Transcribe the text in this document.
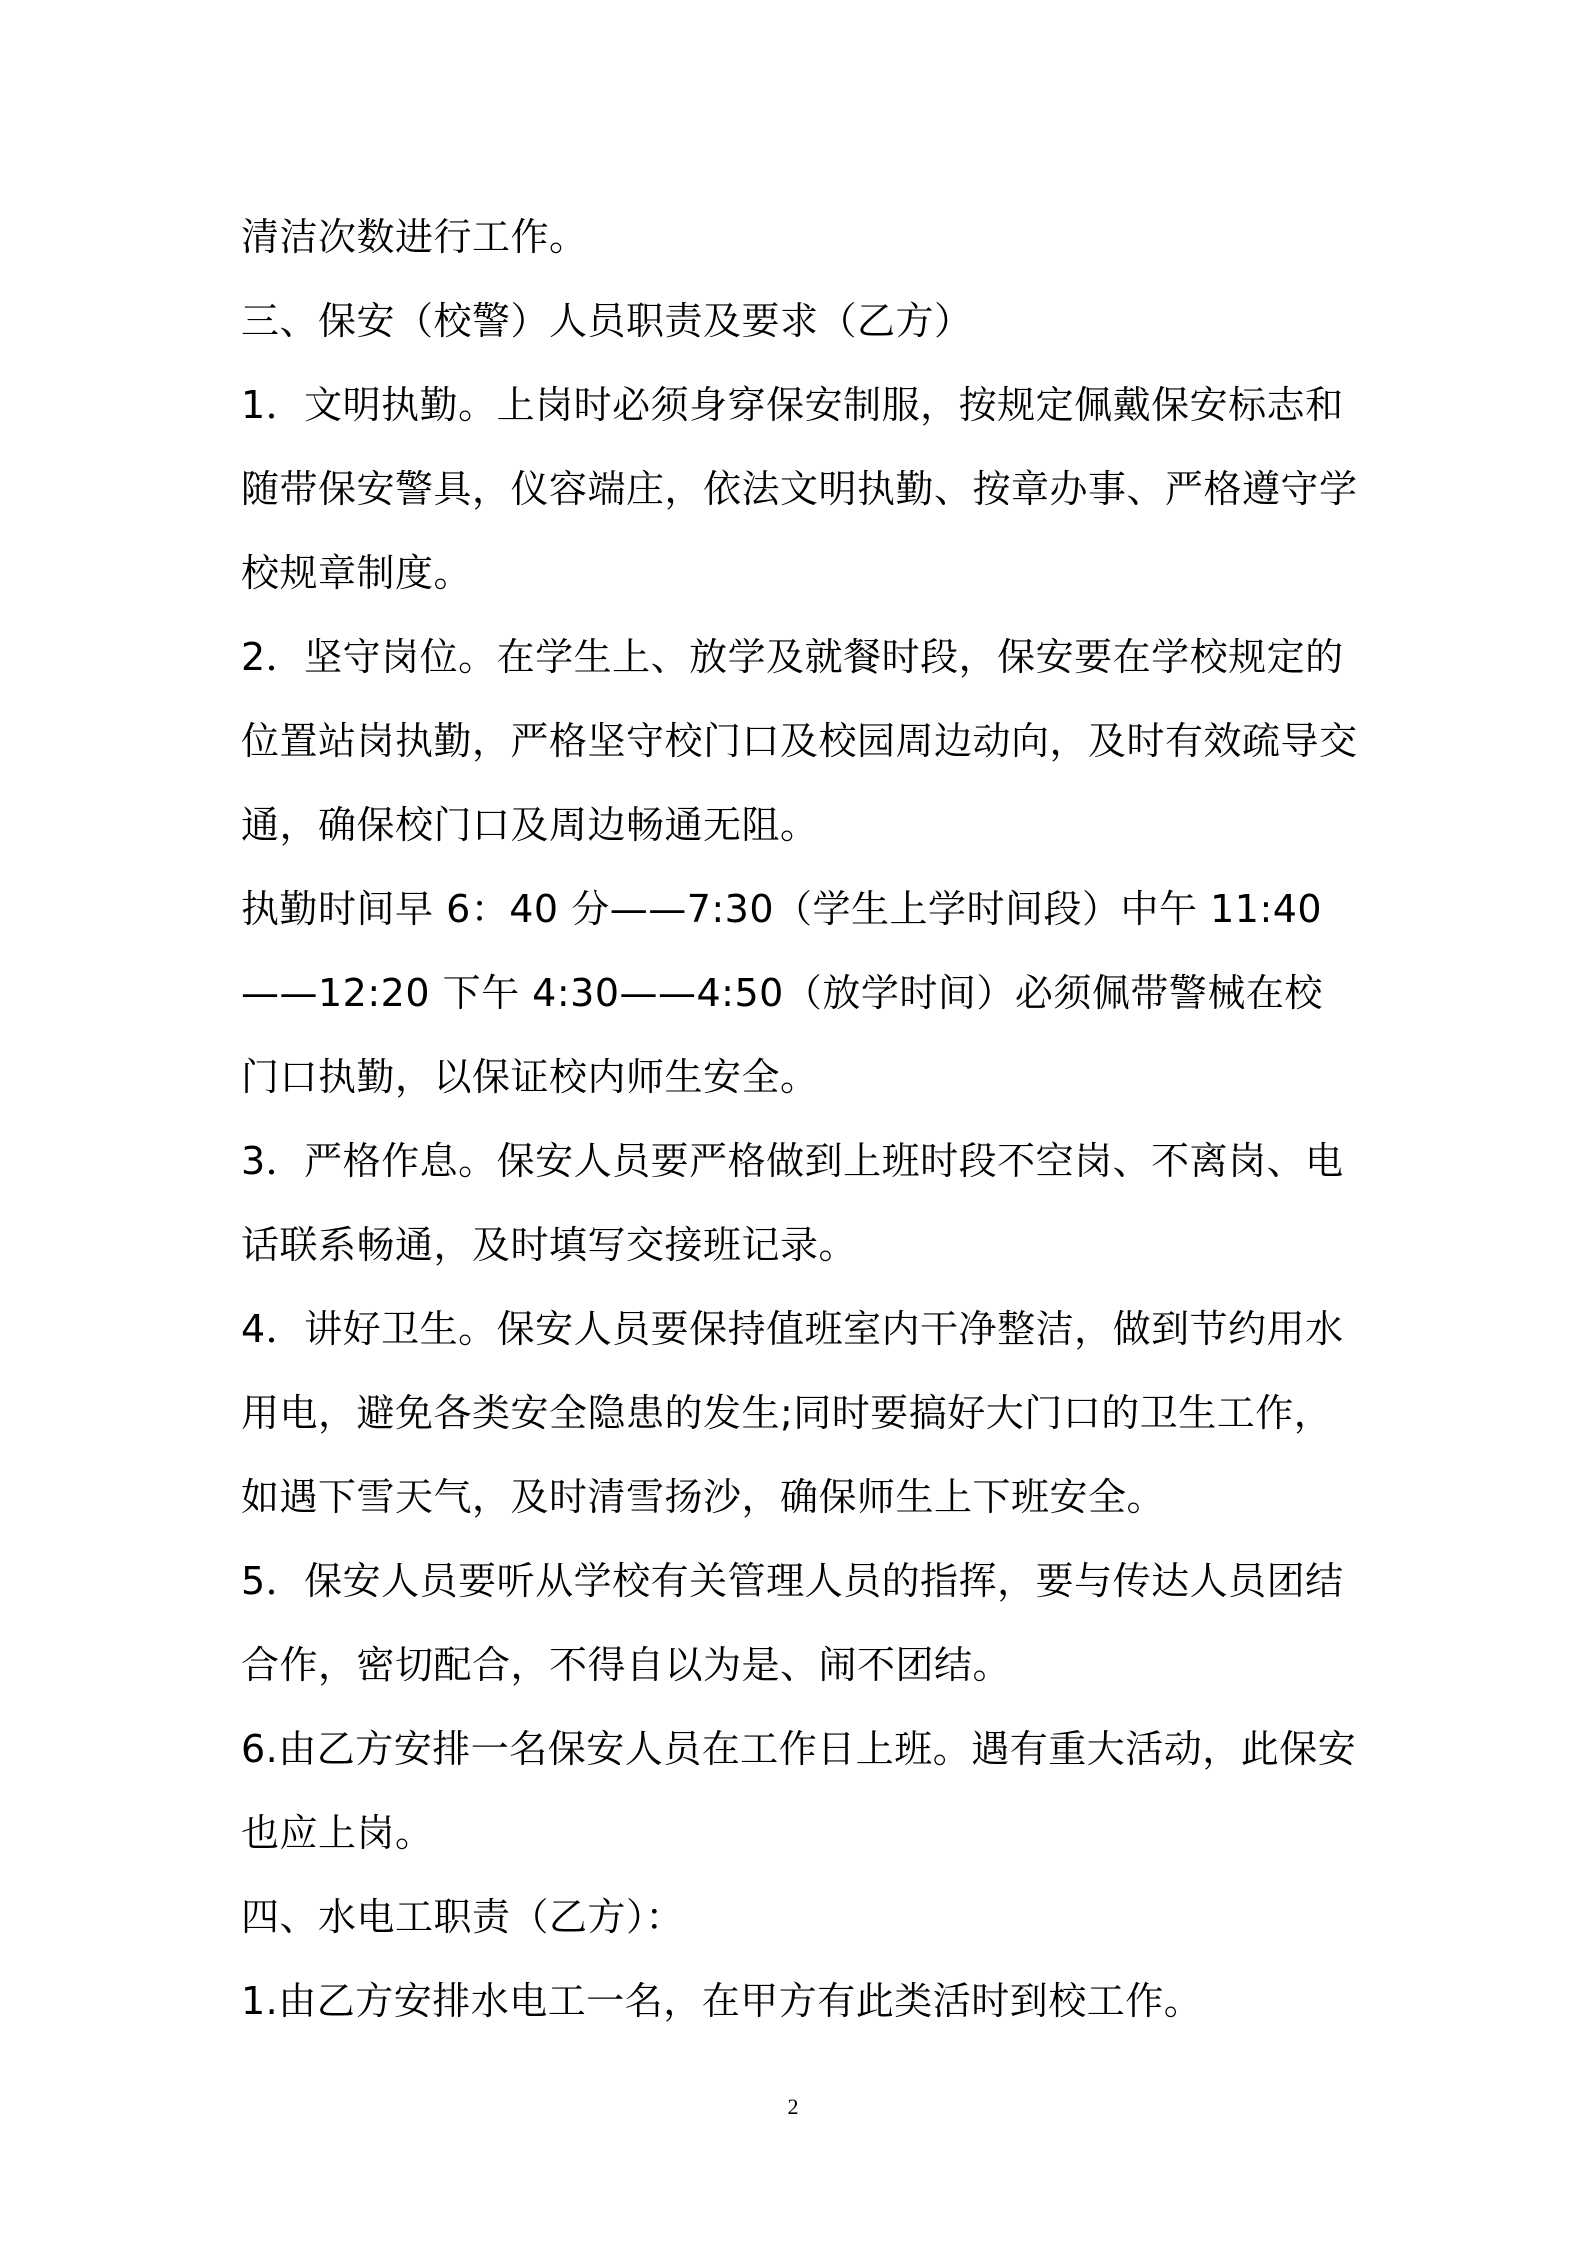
清洁次数进行工作。

三、保安（校警）人员职责及要求（乙方）

1．文明执勤。上岗时必须身穿保安制服，按规定佩戴保安标志和随带保安警具，仪容端庄，依法文明执勤、按章办事、严格遵守学校规章制度。

2．坚守岗位。在学生上、放学及就餐时段，保安要在学校规定的位置站岗执勤，严格坚守校门口及校园周边动向，及时有效疏导交通，确保校门口及周边畅通无阻。

执勤时间早 6：40 分——7:30（学生上学时间段）中午 11:40——12:20 下午 4:30——4:50（放学时间）必须佩带警械在校门口执勤，以保证校内师生安全。

3．严格作息。保安人员要严格做到上班时段不空岗、不离岗、电话联系畅通，及时填写交接班记录。

4．讲好卫生。保安人员要保持值班室内干净整洁，做到节约用水用电，避免各类安全隐患的发生;同时要搞好大门口的卫生工作，如遇下雪天气，及时清雪扬沙，确保师生上下班安全。

5．保安人员要听从学校有关管理人员的指挥，要与传达人员团结合作，密切配合，不得自以为是、闹不团结。

6.由乙方安排一名保安人员在工作日上班。遇有重大活动，此保安也应上岗。

四、水电工职责（乙方）：

1.由乙方安排水电工一名，在甲方有此类活时到校工作。

2
